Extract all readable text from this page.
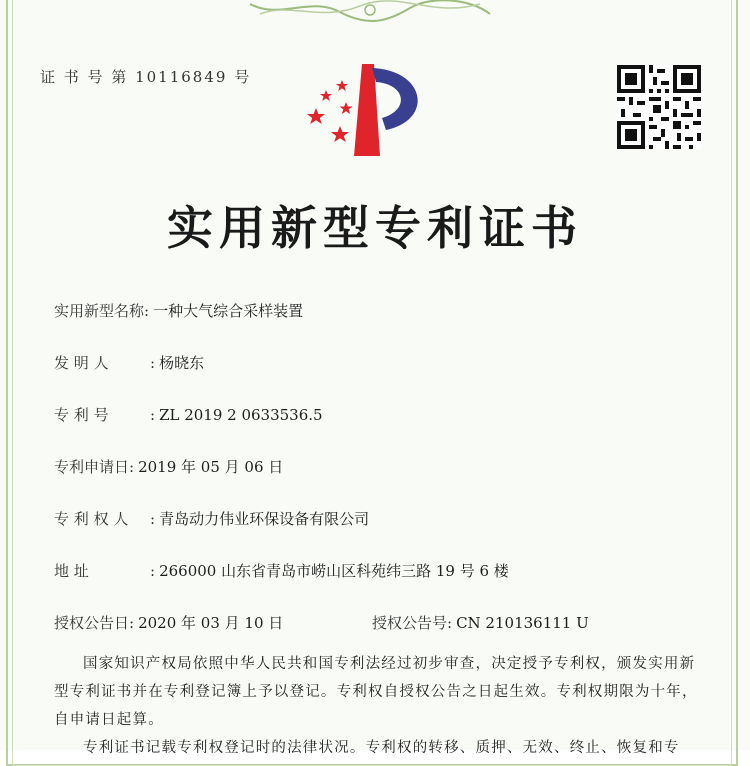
证 书 号 第 10116849 号
实用新型专利证书
实用新型名称: 一种大气综合采样装置
发 明 人	: 杨晓东
专 利 号	: ZL 2019 2 0633536.5
专利申请日: 2019 年 05 月 06 日
专 利 权 人 : 青岛动力伟业环保设备有限公司
地 址	: 266000 山东省青岛市崂山区科苑纬三路 19 号 6 楼
授权公告日: 2020 年 03 月 10 日	授权公告号: CN 210136111 U
国家知识产权局依照中华人民共和国专利法经过初步审查，决定授予专利权，颁发实用新型专利证书并在专利登记簿上予以登记。专利权自授权公告之日起生效。专利权期限为十年，自申请日起算。
专利证书记载专利权登记时的法律状况。专利权的转移、质押、无效、终止、恢复和专
